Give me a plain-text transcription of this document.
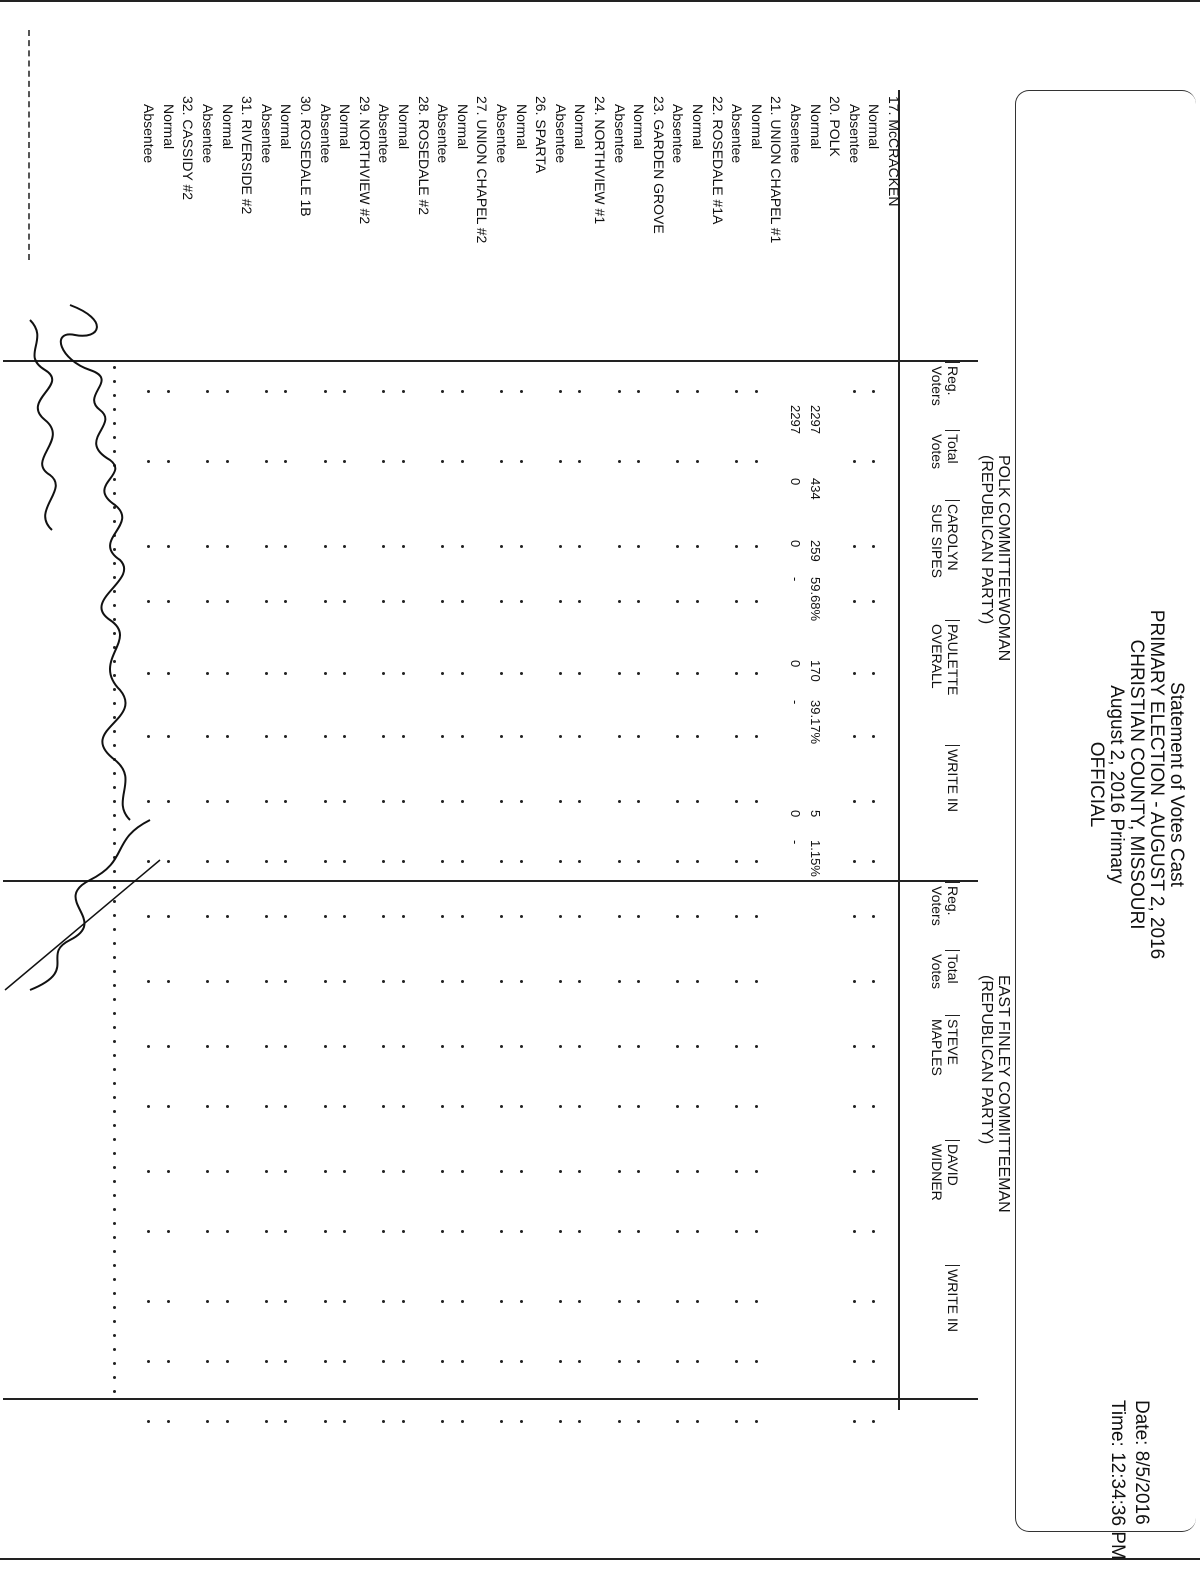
Statement of Votes Cast
PRIMARY ELECTION - AUGUST 2, 2016
CHRISTIAN COUNTY, MISSOURI
August 2, 2016 Primary
OFFICIAL
Date: 8/5/2016
Time: 12:34:36 PM
POLK COMMITTEEWOMAN
(REPUBLICAN PARTY)
EAST FINLEY COMMITTEEMAN
(REPUBLICAN PARTY)
Reg.
Voters
Total
Votes
CAROLYN
SUE SIPES
PAULETTE
OVERALL
WRITE IN
Reg.
Voters
Total
Votes
STEVE
MAPLES
DAVID
WIDNER
WRITE IN
17. McCRACKEN
Normal
Absentee
20. POLK
Normal
Absentee
21. UNION CHAPEL #1
Normal
Absentee
22. ROSEDALE #1A
Normal
Absentee
23. GARDEN GROVE
Normal
Absentee
24. NORTHVIEW #1
Normal
Absentee
26. SPARTA
Normal
Absentee
27. UNION CHAPEL #2
Normal
Absentee
28. ROSEDALE #2
Normal
Absentee
29. NORTHVIEW #2
Normal
Absentee
30. ROSEDALE 1B
Normal
Absentee
31. RIVERSIDE #2
Normal
Absentee
32. CASSIDY #2
Normal
Absentee
2297
434
259
59.68%
170
39.17%
5
1.15%
2297
0
0
-
0
-
0
-
